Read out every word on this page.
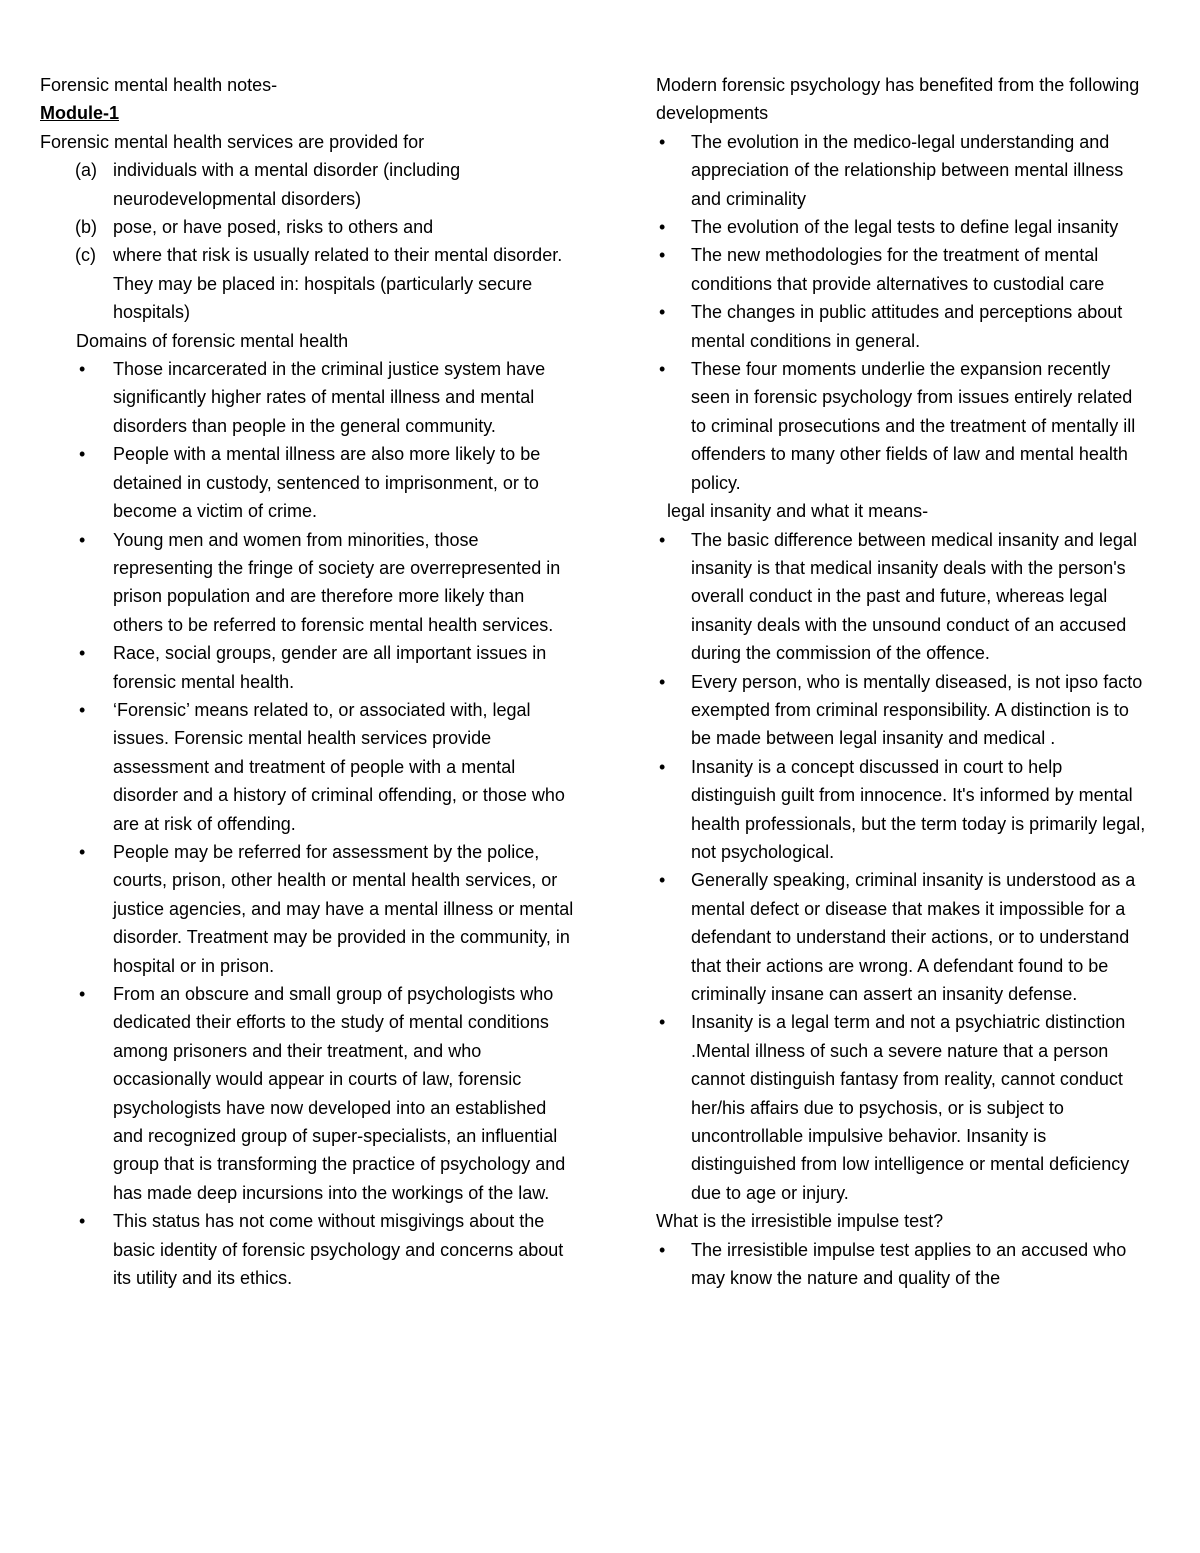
Forensic mental health notes-

Module-1

Forensic mental health services are provided for

(a) individuals with a mental disorder (including neurodevelopmental disorders)
(b) pose, or have posed, risks to others and
(c) where that risk is usually related to their mental disorder. They may be placed in: hospitals (particularly secure hospitals)

Domains of forensic mental health

• Those incarcerated in the criminal justice system have significantly higher rates of mental illness and mental disorders than people in the general community.
• People with a mental illness are also more likely to be detained in custody, sentenced to imprisonment, or to become a victim of crime.
• Young men and women from minorities, those representing the fringe of society are overrepresented in prison population and are therefore more likely than others to be referred to forensic mental health services.
• Race, social groups, gender are all important issues in forensic mental health.
• ‘Forensic’ means related to, or associated with, legal issues. Forensic mental health services provide assessment and treatment of people with a mental disorder and a history of criminal offending, or those who are at risk of offending.
• People may be referred for assessment by the police, courts, prison, other health or mental health services, or justice agencies, and may have a mental illness or mental disorder. Treatment may be provided in the community, in hospital or in prison.
• From an obscure and small group of psychologists who dedicated their efforts to the study of mental conditions among prisoners and their treatment, and who occasionally would appear in courts of law, forensic psychologists have now developed into an established and recognized group of super-specialists, an influential group that is transforming the practice of psychology and has made deep incursions into the workings of the law.
• This status has not come without misgivings about the basic identity of forensic psychology and concerns about its utility and its ethics.

Modern forensic psychology has benefited from the following developments

• The evolution in the medico-legal understanding and appreciation of the relationship between mental illness and criminality
• The evolution of the legal tests to define legal insanity
• The new methodologies for the treatment of mental conditions that provide alternatives to custodial care
• The changes in public attitudes and perceptions about mental conditions in general.
• These four moments underlie the expansion recently seen in forensic psychology from issues entirely related to criminal prosecutions and the treatment of mentally ill offenders to many other fields of law and mental health policy.

legal insanity and what it means-

• The basic difference between medical insanity and legal insanity is that medical insanity deals with the person's overall conduct in the past and future, whereas legal insanity deals with the unsound conduct of an accused during the commission of the offence.
• Every person, who is mentally diseased, is not ipso facto exempted from criminal responsibility. A distinction is to be made between legal insanity and medical .
• Insanity is a concept discussed in court to help distinguish guilt from innocence. It's informed by mental health professionals, but the term today is primarily legal, not psychological.
• Generally speaking, criminal insanity is understood as a mental defect or disease that makes it impossible for a defendant to understand their actions, or to understand that their actions are wrong. A defendant found to be criminally insane can assert an insanity defense.
• Insanity is a legal term and not a psychiatric distinction .Mental illness of such a severe nature that a person cannot distinguish fantasy from reality, cannot conduct her/his affairs due to psychosis, or is subject to uncontrollable impulsive behavior. Insanity is distinguished from low intelligence or mental deficiency due to age or injury.

What is the irresistible impulse test?

• The irresistible impulse test applies to an accused who may know the nature and quality of the
